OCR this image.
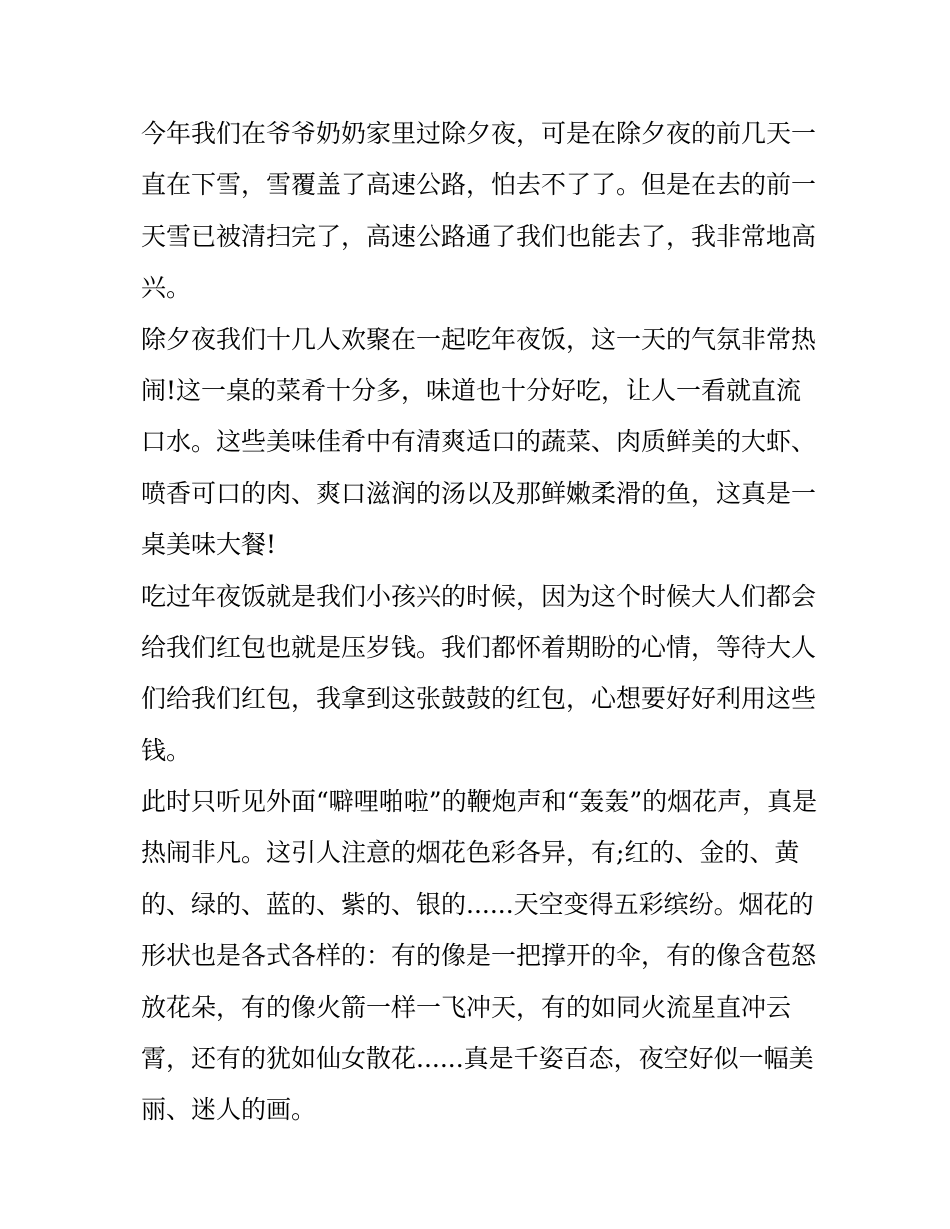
今年我们在爷爷奶奶家里过除夕夜，可是在除夕夜的前几天一
直在下雪，雪覆盖了高速公路，怕去不了了。但是在去的前一
天雪已被清扫完了，高速公路通了我们也能去了，我非常地高
兴。
除夕夜我们十几人欢聚在一起吃年夜饭，这一天的气氛非常热
闹!这一桌的菜肴十分多，味道也十分好吃，让人一看就直流
口水。这些美味佳肴中有清爽适口的蔬菜、肉质鲜美的大虾、
喷香可口的肉、爽口滋润的汤以及那鲜嫩柔滑的鱼，这真是一
桌美味大餐!
吃过年夜饭就是我们小孩兴的时候，因为这个时候大人们都会
给我们红包也就是压岁钱。我们都怀着期盼的心情，等待大人
们给我们红包，我拿到这张鼓鼓的红包，心想要好好利用这些
钱。
此时只听见外面“噼哩啪啦”的鞭炮声和“轰轰”的烟花声，真是
热闹非凡。这引人注意的烟花色彩各异，有;红的、金的、黄
的、绿的、蓝的、紫的、银的......天空变得五彩缤纷。烟花的
形状也是各式各样的：有的像是一把撑开的伞，有的像含苞怒
放花朵，有的像火箭一样一飞冲天，有的如同火流星直冲云
霄，还有的犹如仙女散花......真是千姿百态，夜空好似一幅美
丽、迷人的画。
